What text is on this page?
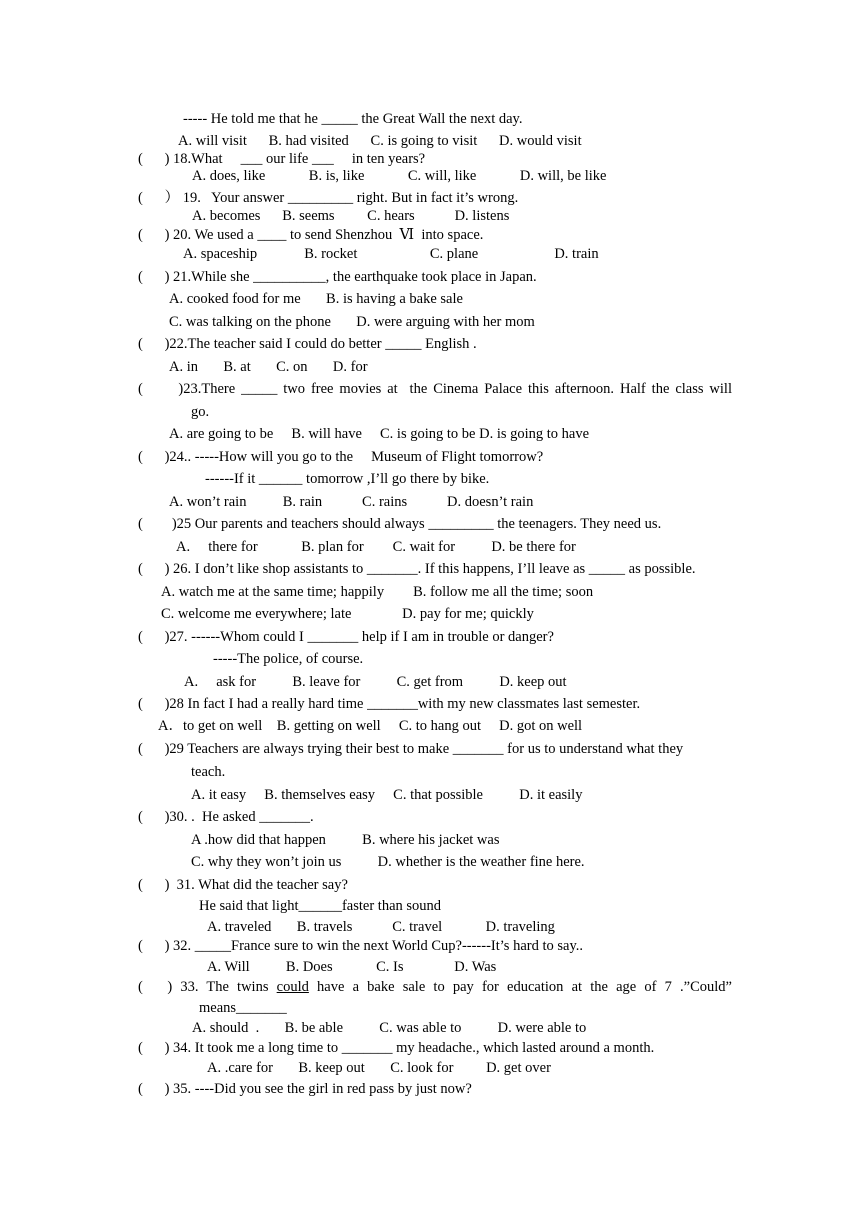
----- He told me that he _____ the Great Wall the next day.
A. will visit      B. had visited      C. is going to visit      D. would visit
(      ) 18.What     ___ our life ___     in ten years?
A. does, like            B. is, like            C. will, like            D. will, be like
(      ） 19.   Your answer _________ right. But in fact it’s wrong.
A. becomes      B. seems         C. hears           D. listens
(      ) 20. We used a ____ to send Shenzhou  Ⅵ  into space.
A. spaceship             B. rocket                    C. plane                     D. train
(      ) 21.While she __________, the earthquake took place in Japan.
A. cooked food for me       B. is having a bake sale
C. was talking on the phone       D. were arguing with her mom
(      )22.The teacher said I could do better _____ English .
A. in       B. at       C. on       D. for
(      )23.There _____ two free movies at  the Cinema Palace this afternoon. Half the class will
go.
A. are going to be     B. will have     C. is going to be D. is going to have
(      )24.. -----How will you go to the     Museum of Flight tomorrow?
------If it ______ tomorrow ,I’ll go there by bike.
A. won’t rain          B. rain           C. rains           D. doesn’t rain
(        )25 Our parents and teachers should always _________ the teenagers. They need us.
A.     there for            B. plan for        C. wait for          D. be there for
(      ) 26. I don’t like shop assistants to _______. If this happens, I’ll leave as _____ as possible.
A. watch me at the same time; happily        B. follow me all the time; soon
C. welcome me everywhere; late              D. pay for me; quickly
(      )27. ------Whom could I _______ help if I am in trouble or danger?
-----The police, of course.
A.     ask for          B. leave for          C. get from          D. keep out
(      )28 In fact I had a really hard time _______with my new classmates last semester.
A．to get on well    B. getting on well     C. to hang out     D. got on well
(      )29 Teachers are always trying their best to make _______ for us to understand what they
teach.
A. it easy     B. themselves easy     C. that possible          D. it easily
(      )30. .  He asked _______.
A .how did that happen          B. where his jacket was
C. why they won’t join us          D. whether is the weather fine here.
(      )  31. What did the teacher say?
He said that light______faster than sound
A. traveled       B. travels           C. travel            D. traveling
(      ) 32. _____France sure to win the next World Cup?------It’s hard to say..
A. Will          B. Does            C. Is              D. Was
(      )  33.  The  twins  could  have  a  bake  sale  to  pay  for  education  at  the  age  of  7  .”Could”
means_______
A. should  .       B. be able          C. was able to          D. were able to
(      ) 34. It took me a long time to _______ my headache., which lasted around a month.
A. .care for       B. keep out       C. look for         D. get over
(      ) 35. ----Did you see the girl in red pass by just now?
